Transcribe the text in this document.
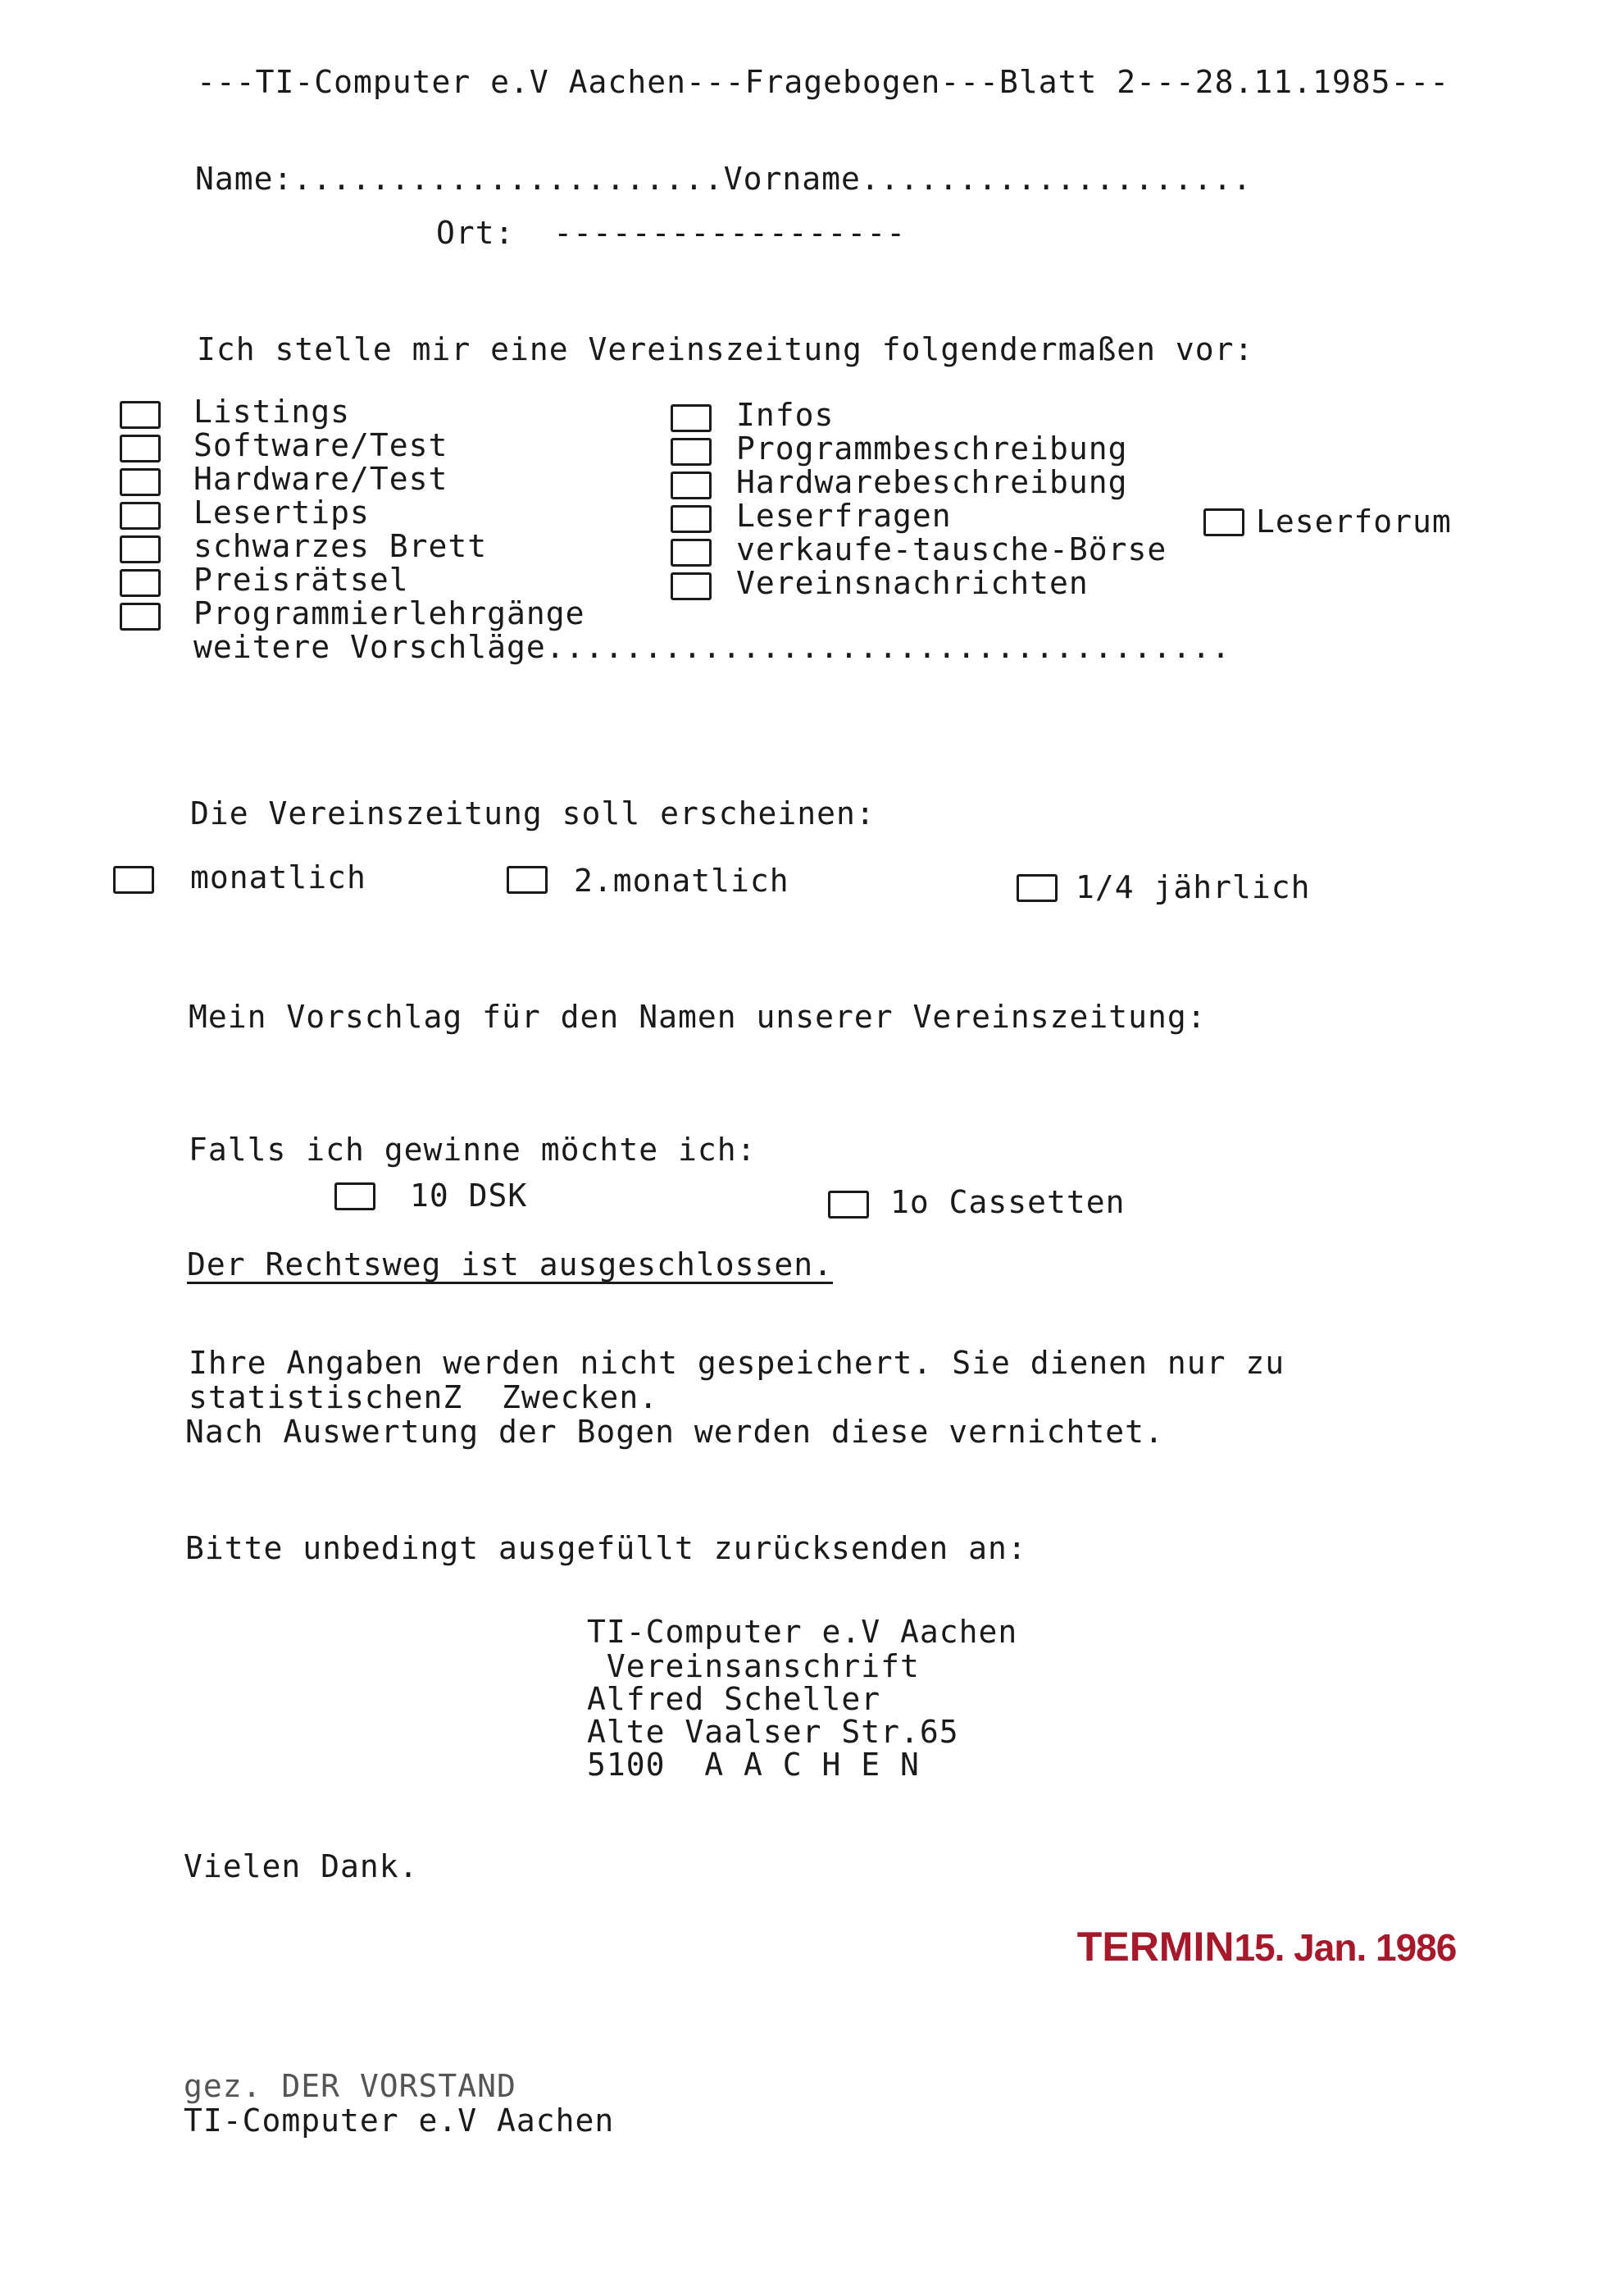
---TI-Computer e.V Aachen---Fragebogen---Blatt 2---28.11.1985---
Name:......................Vorname....................
Ort:  ------------------
Ich stelle mir eine Vereinszeitung folgendermaßen vor:
Listings
Software/Test
Hardware/Test
Lesertips
schwarzes Brett
Preisrätsel
Programmierlehrgänge
weitere Vorschläge...................................
Infos
Programmbeschreibung
Hardwarebeschreibung
Leserfragen
verkaufe-tausche-Börse
Vereinsnachrichten
Leserforum
Die Vereinszeitung soll erscheinen:
monatlich	2.monatlich	1/4 jährlich
Mein Vorschlag für den Namen unserer Vereinszeitung:
Falls ich gewinne möchte ich:
10 DSK	1o Cassetten
Der Rechtsweg ist ausgeschlossen.
Ihre Angaben werden nicht gespeichert. Sie dienen nur zu
statistischenZ  Zwecken.
Nach Auswertung der Bogen werden diese vernichtet.
Bitte unbedingt ausgefüllt zurücksenden an:
TI-Computer e.V Aachen
Vereinsanschrift
Alfred Scheller
Alte Vaalser Str.65
5100  A A C H E N
Vielen Dank.

TERMIN15. Jan. 1986

gez. DER VORSTAND
TI-Computer e.V Aachen
